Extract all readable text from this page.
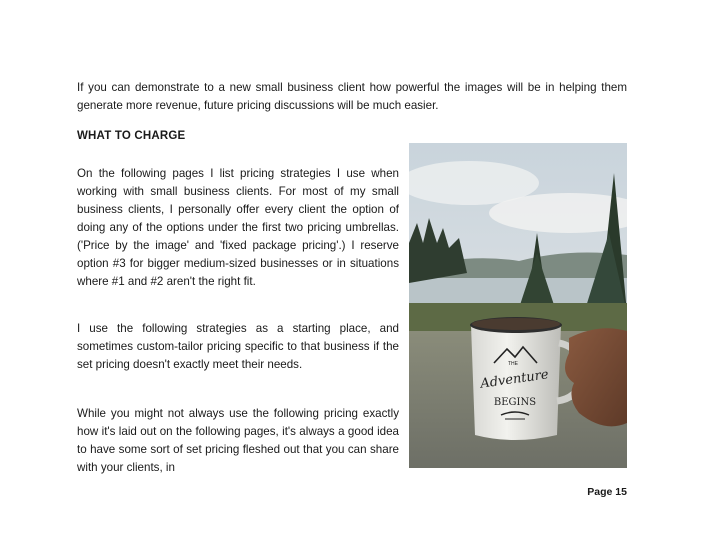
If you can demonstrate to a new small business client how powerful the images will be in helping them generate more revenue, future pricing discussions will be much easier.

WHAT TO CHARGE

On the following pages I list pricing strategies I use when working with small business clients. For most of my small business clients, I personally offer every client the option of doing any of the options under the first two pricing umbrellas. ('Price by the image' and 'fixed package pricing'.) I reserve option #3 for bigger medium-sized businesses or in situations where #1 and #2 aren't the right fit.

I use the following strategies as a starting place, and sometimes custom-tailor pricing specific to that business if the set pricing doesn't exactly meet their needs.

While you might not always use the following pricing exactly how it's laid out on the following pages, it's always a good idea to have some sort of set pricing fleshed out that you can share with your clients, in

THE
Adventure
BEGINS

Page 15
